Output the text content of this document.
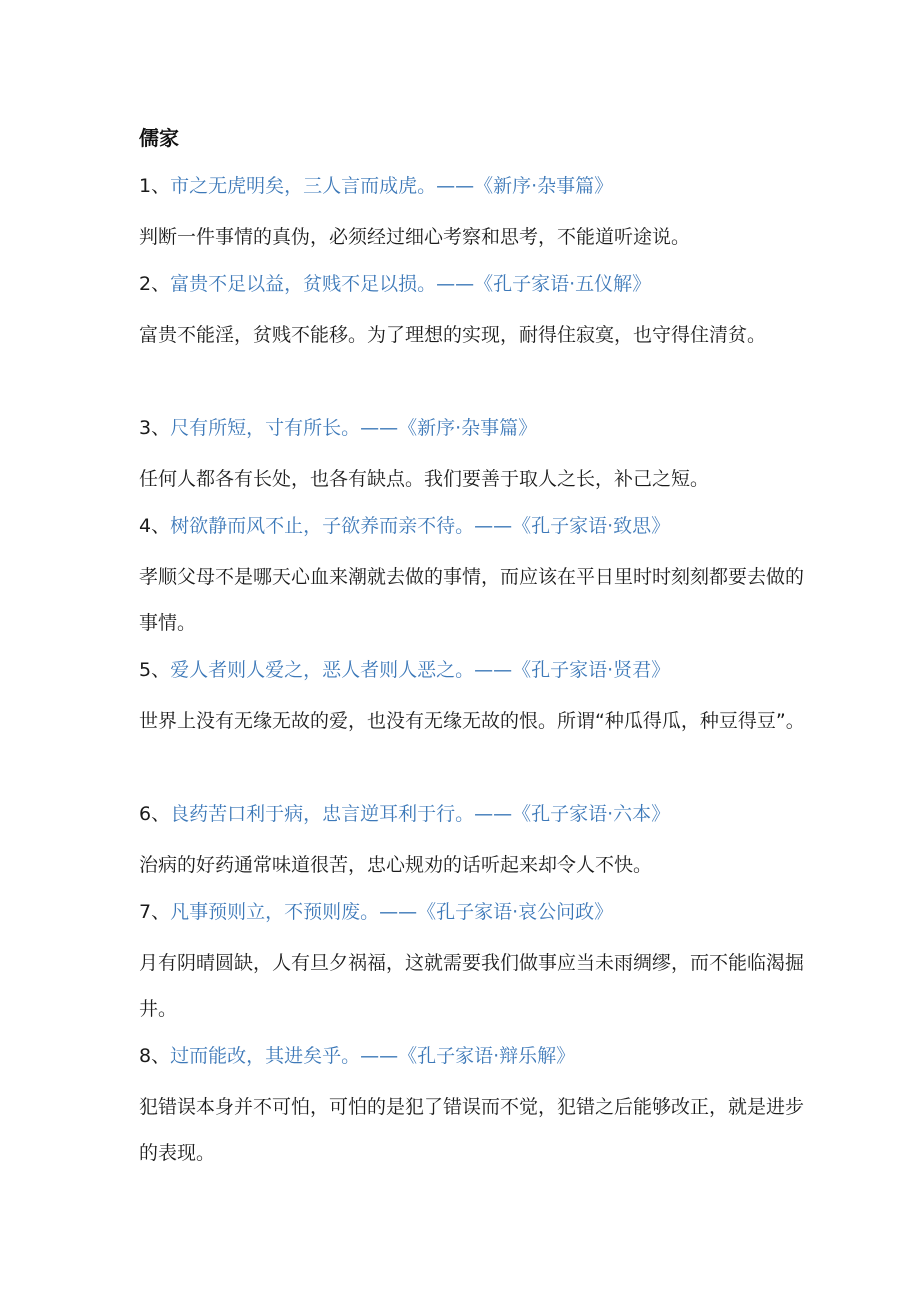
儒家
1、市之无虎明矣，三人言而成虎。——《新序·杂事篇》

判断一件事情的真伪，必须经过细心考察和思考，不能道听途说。

2、富贵不足以益，贫贱不足以损。——《孔子家语·五仪解》

富贵不能淫，贫贱不能移。为了理想的实现，耐得住寂寞，也守得住清贫。

3、尺有所短，寸有所长。——《新序·杂事篇》

任何人都各有长处，也各有缺点。我们要善于取人之长，补己之短。

4、树欲静而风不止，子欲养而亲不待。——《孔子家语·致思》

孝顺父母不是哪天心血来潮就去做的事情，而应该在平日里时时刻刻都要去做的事情。

5、爱人者则人爱之，恶人者则人恶之。——《孔子家语·贤君》

世界上没有无缘无故的爱，也没有无缘无故的恨。所谓“种瓜得瓜，种豆得豆”。

6、良药苦口利于病，忠言逆耳利于行。——《孔子家语·六本》

治病的好药通常味道很苦，忠心规劝的话听起来却令人不快。

7、凡事预则立，不预则废。——《孔子家语·哀公问政》

月有阴晴圆缺，人有旦夕祸福，这就需要我们做事应当未雨绸缪，而不能临渴掘井。

8、过而能改，其进矣乎。——《孔子家语·辩乐解》

犯错误本身并不可怕，可怕的是犯了错误而不觉，犯错之后能够改正，就是进步的表现。
